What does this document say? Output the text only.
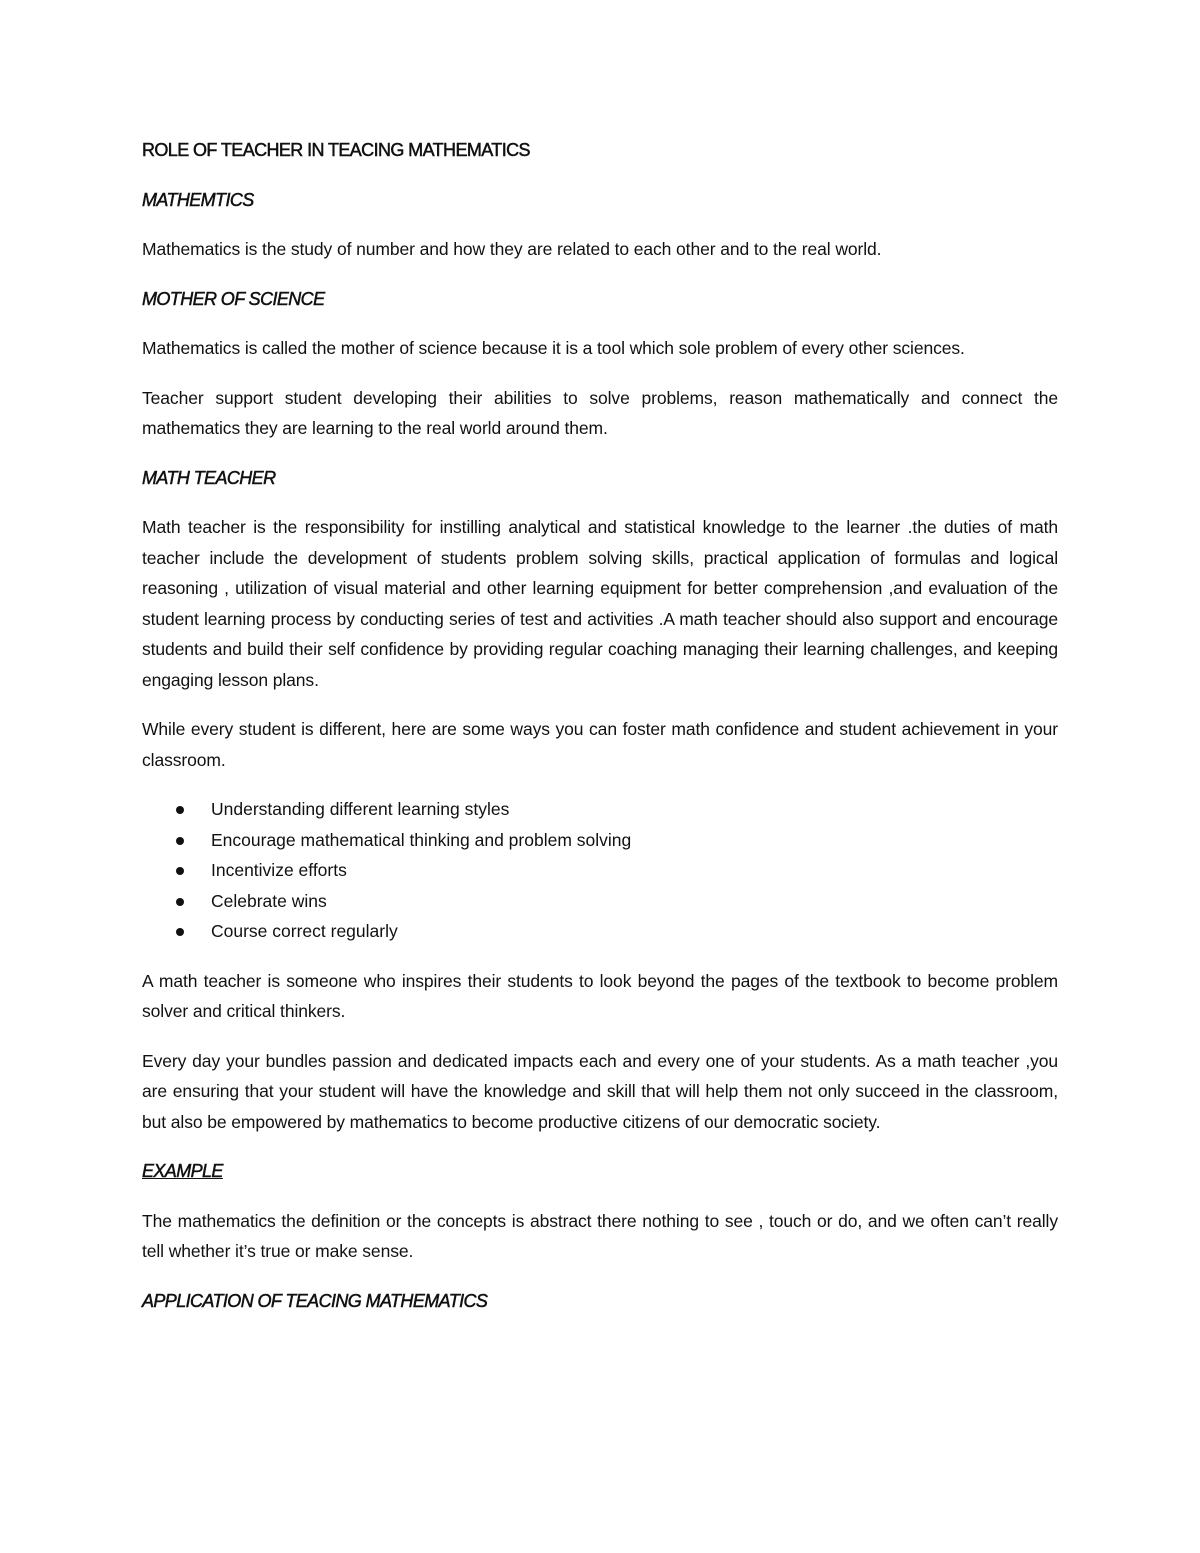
ROLE OF TEACHER IN TEACING MATHEMATICS
MATHEMTICS

Mathematics is the study of number and how they are related to each other and to the real world.

MOTHER OF SCIENCE

Mathematics is called the mother of science because it is a tool which sole problem of every other sciences.

Teacher support student developing their abilities to solve problems, reason mathematically and connect the mathematics they are learning to the real world around them.

MATH TEACHER

Math teacher is the responsibility for instilling analytical and statistical knowledge to the learner .the duties of math teacher include the development of students problem solving skills, practical application of formulas and logical reasoning , utilization of visual material and other learning equipment for better comprehension ,and evaluation of the student learning process by conducting series of test and activities .A math teacher should also support and encourage students and build their self confidence by providing regular coaching managing their learning challenges, and keeping engaging lesson plans.

While every student is different, here are some ways you can foster math confidence and student achievement in your classroom.

Understanding different learning styles
Encourage mathematical thinking and problem solving
Incentivize efforts
Celebrate wins
Course correct regularly

A math teacher is someone who inspires their students to look beyond the pages of the textbook to become problem solver and critical thinkers.

Every day your bundles passion and dedicated impacts each and every one of your students. As a math teacher ,you are ensuring that your student will have the knowledge and skill that will help them not only succeed in the classroom, but also be empowered by mathematics to become productive citizens of our democratic society.

EXAMPLE

The mathematics the definition or the concepts is abstract there nothing to see , touch or do, and we often can’t really tell whether it’s true or make sense.

APPLICATION OF TEACING MATHEMATICS
